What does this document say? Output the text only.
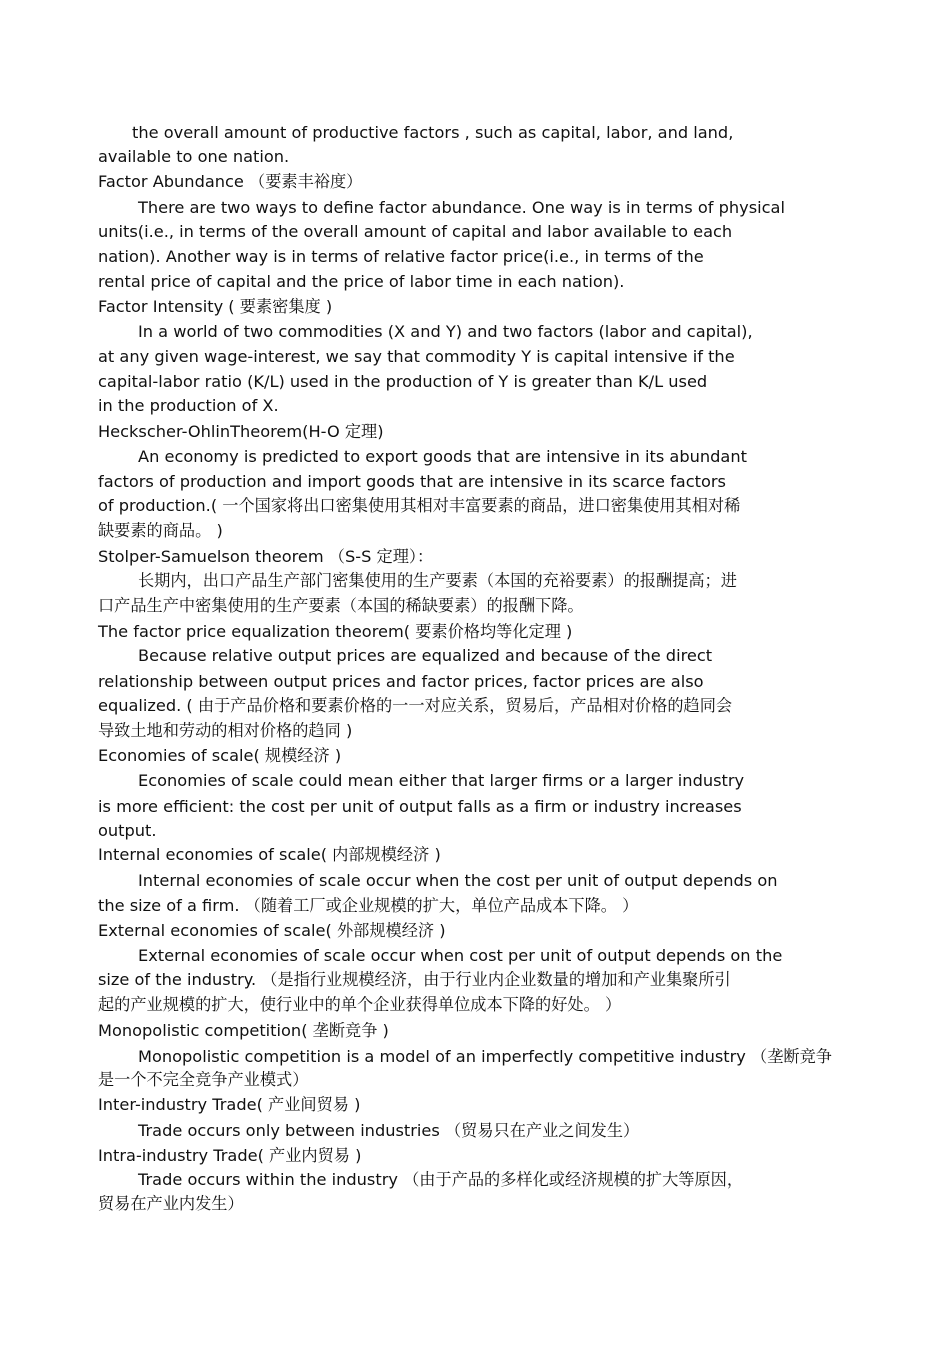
the overall amount of productive factors , such as capital, labor, and land,
available to one nation.
Factor Abundance （要素丰裕度）
There are two ways to define factor abundance. One way is in terms of physical
units(i.e., in terms of the overall amount of capital and labor available to each
nation). Another way is in terms of relative factor price(i.e., in terms of the
rental price of capital and the price of labor time in each nation).
Factor Intensity ( 要素密集度 )
In a world of two commodities (X and Y) and two factors (labor and capital),
at any given wage-interest, we say that commodity Y is capital intensive if the
capital-labor ratio (K/L) used in the production of Y is greater than K/L used
in the production of X.
Heckscher-OhlinTheorem(H-O 定理)
An economy is predicted to export goods that are intensive in its abundant
factors of production and import goods that are intensive in its scarce factors
of production.( 一个国家将出口密集使用其相对丰富要素的商品，进口密集使用其相对稀
缺要素的商品。 )
Stolper-Samuelson theorem （S-S 定理）：
长期内，出口产品生产部门密集使用的生产要素（本国的充裕要素）的报酬提高；进
口产品生产中密集使用的生产要素（本国的稀缺要素）的报酬下降。
The factor price equalization theorem( 要素价格均等化定理 )
Because relative output prices are equalized and because of the direct
relationship between output prices and factor prices, factor prices are also
equalized. ( 由于产品价格和要素价格的一一对应关系，贸易后，产品相对价格的趋同会
导致土地和劳动的相对价格的趋同 )
Economies of scale( 规模经济 )
Economies of scale could mean either that larger firms or a larger industry
is more efficient: the cost per unit of output falls as a firm or industry increases
output.
Internal economies of scale( 内部规模经济 )
Internal economies of scale occur when the cost per unit of output depends on
the size of a firm. （随着工厂或企业规模的扩大，单位产品成本下降。 ）
External economies of scale( 外部规模经济 )
External economies of scale occur when cost per unit of output depends on the
size of the industry. （是指行业规模经济，由于行业内企业数量的增加和产业集聚所引
起的产业规模的扩大，使行业中的单个企业获得单位成本下降的好处。 ）
Monopolistic competition( 垄断竞争 )
Monopolistic competition is a model of an imperfectly competitive industry （垄断竞争
是一个不完全竞争产业模式）
Inter-industry Trade( 产业间贸易 )
Trade occurs only between industries （贸易只在产业之间发生）
Intra-industry Trade( 产业内贸易 )
Trade occurs within the industry （由于产品的多样化或经济规模的扩大等原因，
贸易在产业内发生）
